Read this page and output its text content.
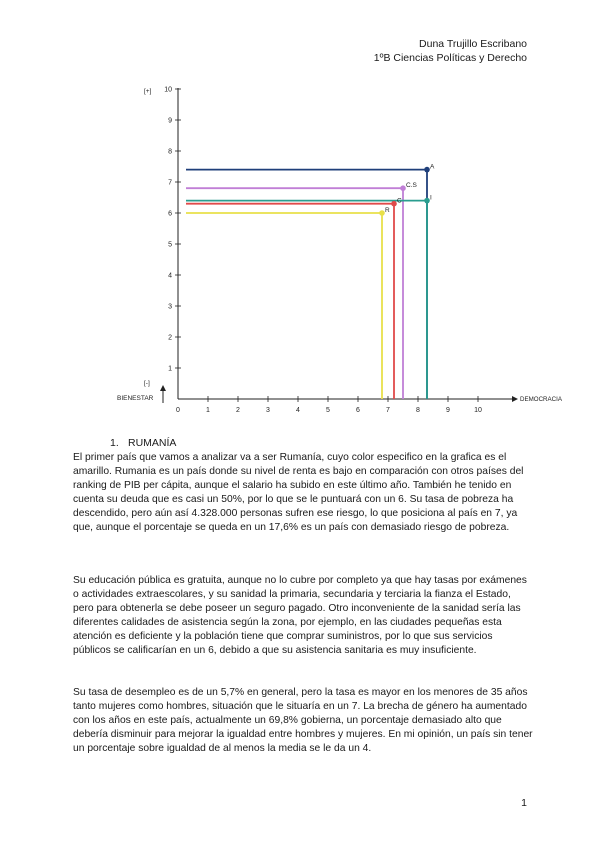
Duna Trujillo Escribano
1ºB Ciencias Políticas y Derecho
0	1	2	3	4	5	6	7	8	9	10
1
2
3
4
5
6
7
8
9
10
A
C.S
I
C
R
[+]
[-]
BIENESTAR	DEMOCRACIA
1. RUMANÍA

El primer país que vamos a analizar va a ser Rumanía, cuyo color especifico en la grafica es el amarillo. Rumania es un país donde su nivel de renta es bajo en comparación con otros países del ranking de PIB per cápita, aunque el salario ha subido en este último año. También he tenido en cuenta su deuda que es casi un 50%, por lo que se le puntuará con un 6. Su tasa de pobreza ha descendido, pero aún así 4.328.000 personas sufren ese riesgo, lo que posiciona al país en 7, ya que, aunque el porcentaje se queda en un 17,6% es un país con demasiado riesgo de pobreza.

Su educación pública es gratuita, aunque no lo cubre por completo ya que hay tasas por exámenes o actividades extraescolares, y su sanidad la primaria, secundaria y terciaria la fianza el Estado, pero para obtenerla se debe poseer un seguro pagado. Otro inconveniente de la sanidad sería las diferentes calidades de asistencia según la zona, por ejemplo, en las ciudades pequeñas esta atención es deficiente y la población tiene que comprar suministros, por lo que sus servicios públicos se calificarían en un 6, debido a que su asistencia sanitaria es muy insuficiente.

Su tasa de desempleo es de un 5,7% en general, pero la tasa es mayor en los menores de 35 años tanto mujeres como hombres, situación que le situaría en un 7. La brecha de género ha aumentado con los años en este país, actualmente un 69,8% gobierna, un porcentaje demasiado alto que debería disminuir para mejorar la igualdad entre hombres y mujeres. En mi opinión, un país sin tener un porcentaje sobre igualdad de al menos la media se le da un 4.

1
